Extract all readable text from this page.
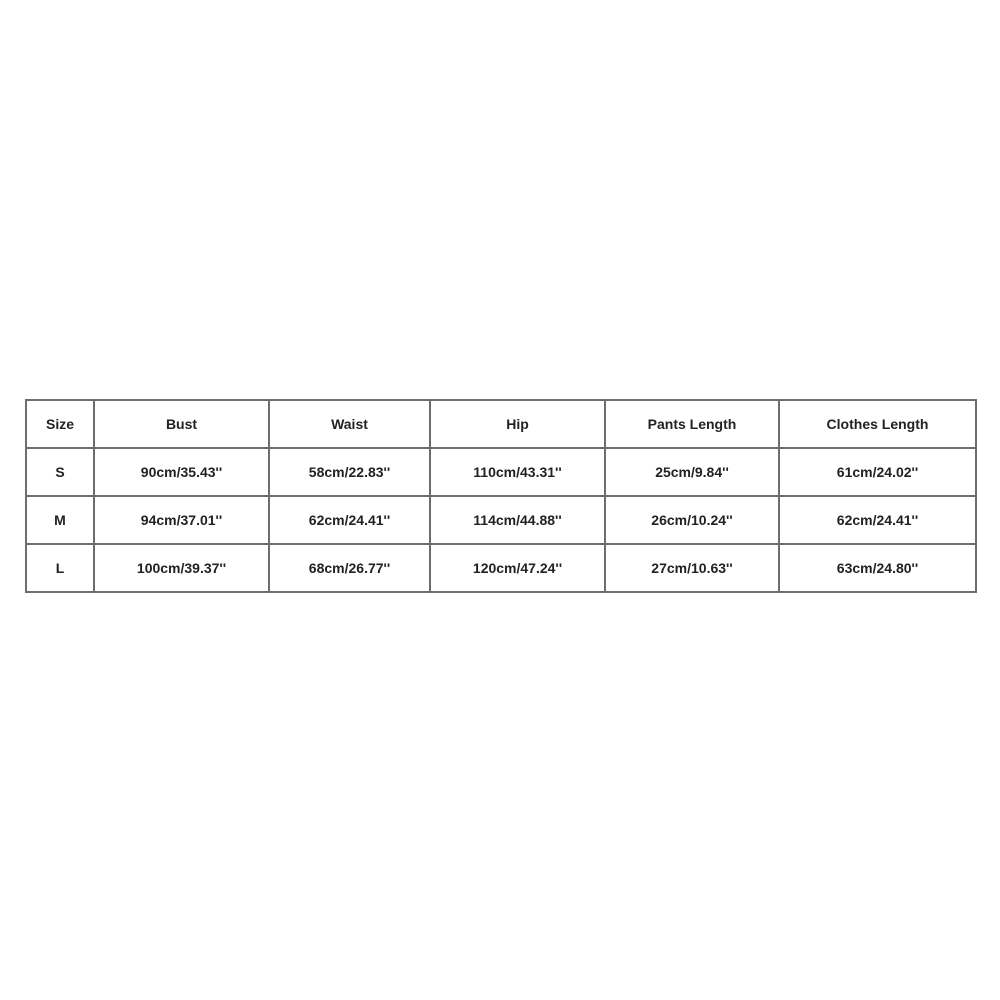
Size	Bust	Waist	Hip	Pants Length	Clothes Length
S	90cm/35.43''	58cm/22.83''	110cm/43.31''	25cm/9.84''	61cm/24.02''
M	94cm/37.01''	62cm/24.41''	114cm/44.88''	26cm/10.24''	62cm/24.41''
L	100cm/39.37''	68cm/26.77''	120cm/47.24''	27cm/10.63''	63cm/24.80''
